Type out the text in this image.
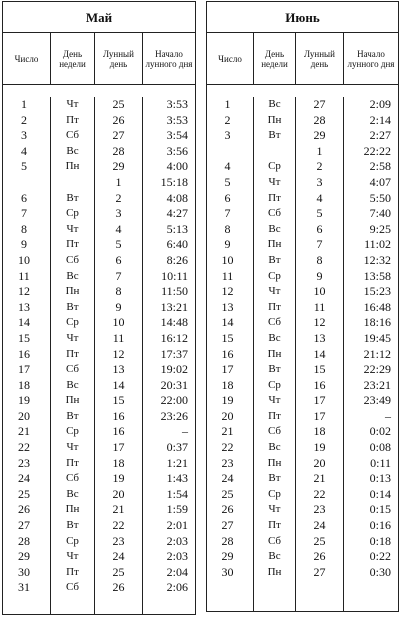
Май
Число	День недели
Лунный день
Начало лунного дня
1
2
3
4
5
6
7
8
9
10
11
12
13
14
15
16
17
18
19
20
21
22
23
24
25
26
27
28
29
30
31
Чт
Пт
Сб
Вс
Пн
Вт
Ср
Чт
Пт
Сб
Вс
Пн
Вт
Ср
Чт
Пт
Сб
Вс
Пн
Вт
Ср
Чт
Пт
Сб
Вс
Пн
Вт
Ср
Чт
Пт
Сб
25
26
27
28
29
1
2
3
4
5
6
7
8
9
10
11
12
13
14
15
16
16
17
18
19
20
21
22
23
24
25
26
3:53
3:53
3:54
3:56
4:00
15:18
4:08
4:27
5:13
6:40
8:26
10:11
11:50
13:21
14:48
16:12
17:37
19:02
20:31
22:00
23:26
–
0:37
1:21
1:43
1:54
1:59
2:01
2:03
2:03
2:04
2:06
Июнь
Число	День недели
Лунный день
Начало лунного дня
1
2
3
4
5
6
7
8
9
10
11
12
13
14
15
16
17
18
19
20
21
22
23
24
25
26
27
28
29
30
Вс
Пн
Вт
Ср
Чт
Пт
Сб
Вс
Пн
Вт
Ср
Чт
Пт
Сб
Вс
Пн
Вт
Ср
Чт
Пт
Сб
Вс
Пн
Вт
Ср
Чт
Пт
Сб
Вс
Пн
27
28
29
1
2
3
4
5
6
7
8
9
10
11
12
13
14
15
16
17
17
18
19
20
21
22
23
24
25
26
27
2:09
2:14
2:27
22:22
2:58
4:07
5:50
7:40
9:25
11:02
12:32
13:58
15:23
16:48
18:16
19:45
21:12
22:29
23:21
23:49
–
0:02
0:08
0:11
0:13
0:14
0:15
0:16
0:18
0:22
0:30
